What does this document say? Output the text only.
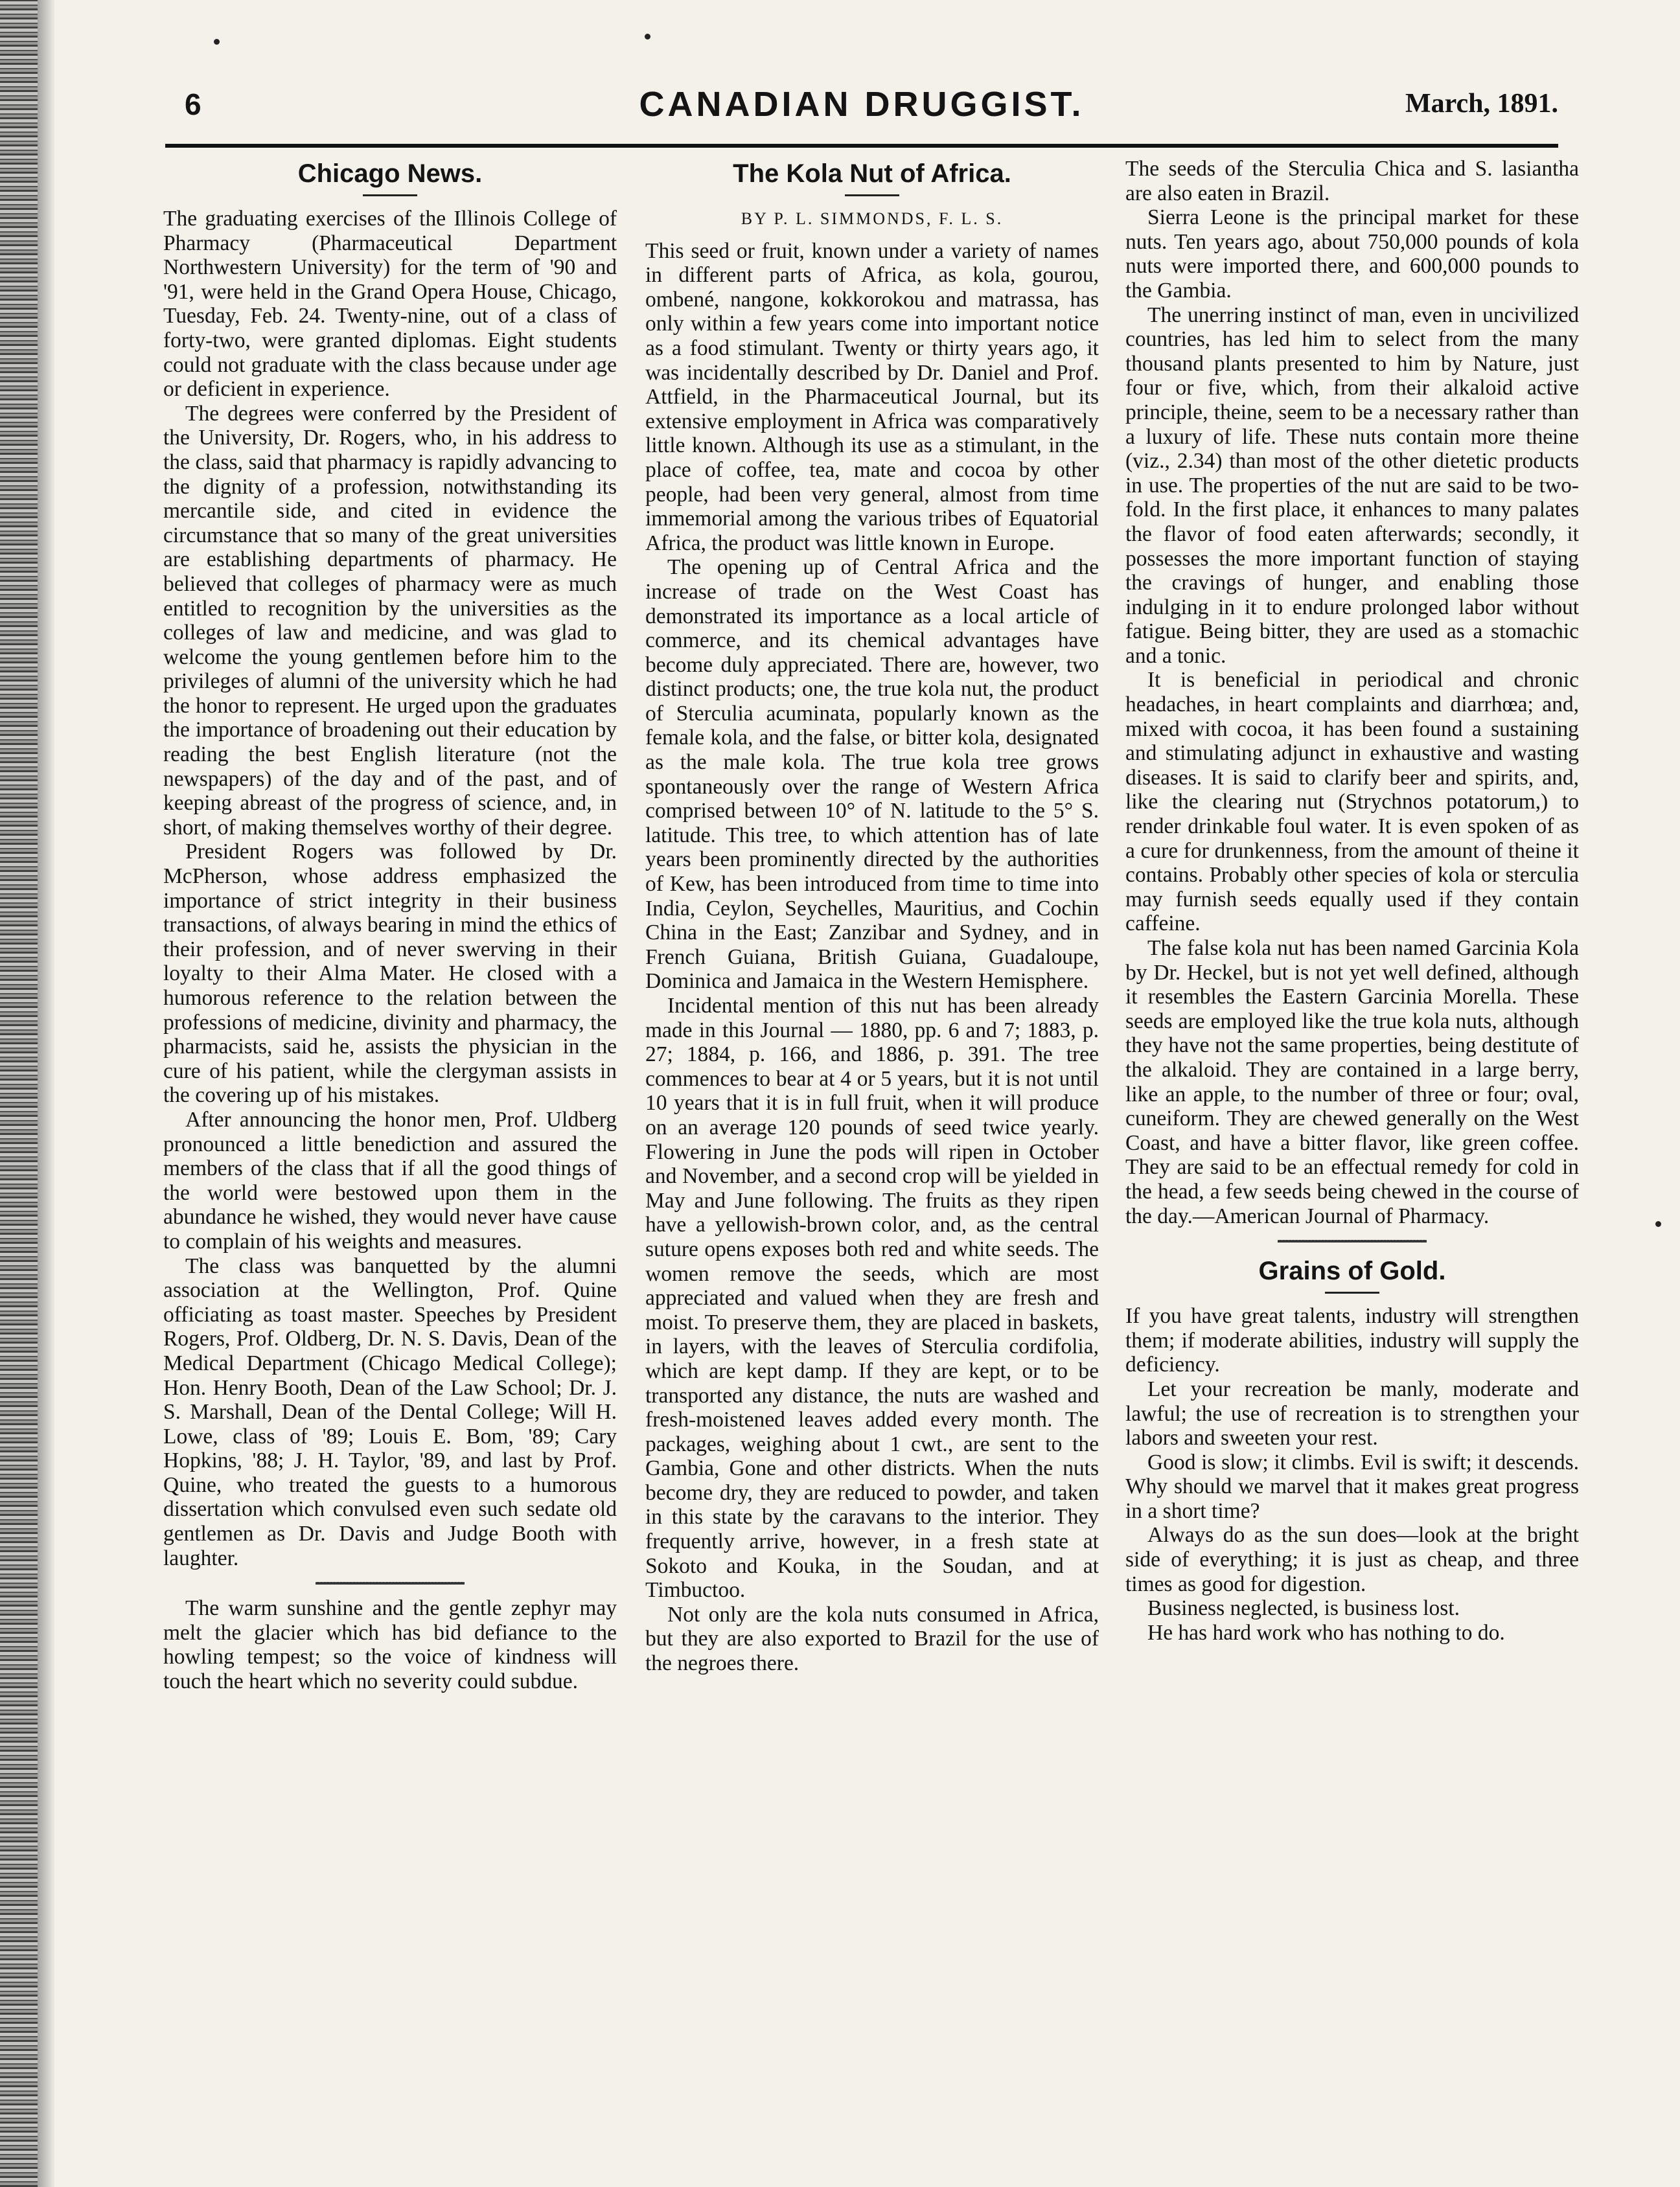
6	CANADIAN DRUGGIST.	March, 1891.
Chicago News.

The graduating exercises of the Illinois College of Pharmacy (Pharmaceutical Department Northwestern University) for the term of '90 and '91, were held in the Grand Opera House, Chicago, Tuesday, Feb. 24. Twenty-nine, out of a class of forty-two, were granted diplomas. Eight students could not graduate with the class because under age or deficient in experience.

The degrees were conferred by the President of the University, Dr. Rogers, who, in his address to the class, said that pharmacy is rapidly advancing to the dignity of a profession, notwithstanding its mercantile side, and cited in evidence the circumstance that so many of the great universities are establishing departments of pharmacy. He believed that colleges of pharmacy were as much entitled to recognition by the universities as the colleges of law and medicine, and was glad to welcome the young gentlemen before him to the privileges of alumni of the university which he had the honor to represent. He urged upon the graduates the importance of broadening out their education by reading the best English literature (not the newspapers) of the day and of the past, and of keeping abreast of the progress of science, and, in short, of making themselves worthy of their degree.

President Rogers was followed by Dr. McPherson, whose address emphasized the importance of strict integrity in their business transactions, of always bearing in mind the ethics of their profession, and of never swerving in their loyalty to their Alma Mater. He closed with a humorous reference to the relation between the professions of medicine, divinity and pharmacy, the pharmacists, said he, assists the physician in the cure of his patient, while the clergyman assists in the covering up of his mistakes.

After announcing the honor men, Prof. Uldberg pronounced a little benediction and assured the members of the class that if all the good things of the world were bestowed upon them in the abundance he wished, they would never have cause to complain of his weights and measures.

The class was banquetted by the alumni association at the Wellington, Prof. Quine officiating as toast master. Speeches by President Rogers, Prof. Oldberg, Dr. N. S. Davis, Dean of the Medical Department (Chicago Medical College); Hon. Henry Booth, Dean of the Law School; Dr. J. S. Marshall, Dean of the Dental College; Will H. Lowe, class of '89; Louis E. Bom, '89; Cary Hopkins, '88; J. H. Taylor, '89, and last by Prof. Quine, who treated the guests to a humorous dissertation which convulsed even such sedate old gentlemen as Dr. Davis and Judge Booth with laughter.

The warm sunshine and the gentle zephyr may melt the glacier which has bid defiance to the howling tempest; so the voice of kindness will touch the heart which no severity could subdue.

The Kola Nut of Africa.
BY P. L. SIMMONDS, F. L. S.

This seed or fruit, known under a variety of names in different parts of Africa, as kola, gourou, ombené, nangone, kokkorokou and matrassa, has only within a few years come into important notice as a food stimulant. Twenty or thirty years ago, it was incidentally described by Dr. Daniel and Prof. Attfield, in the Pharmaceutical Journal, but its extensive employment in Africa was comparatively little known. Although its use as a stimulant, in the place of coffee, tea, mate and cocoa by other people, had been very general, almost from time immemorial among the various tribes of Equatorial Africa, the product was little known in Europe.

The opening up of Central Africa and the increase of trade on the West Coast has demonstrated its importance as a local article of commerce, and its chemical advantages have become duly appreciated. There are, however, two distinct products; one, the true kola nut, the product of Sterculia acuminata, popularly known as the female kola, and the false, or bitter kola, designated as the male kola. The true kola tree grows spontaneously over the range of Western Africa comprised between 10° of N. latitude to the 5° S. latitude. This tree, to which attention has of late years been prominently directed by the authorities of Kew, has been introduced from time to time into India, Ceylon, Seychelles, Mauritius, and Cochin China in the East; Zanzibar and Sydney, and in French Guiana, British Guiana, Guadaloupe, Dominica and Jamaica in the Western Hemisphere.

Incidental mention of this nut has been already made in this Journal — 1880, pp. 6 and 7; 1883, p. 27; 1884, p. 166, and 1886, p. 391. The tree commences to bear at 4 or 5 years, but it is not until 10 years that it is in full fruit, when it will produce on an average 120 pounds of seed twice yearly. Flowering in June the pods will ripen in October and November, and a second crop will be yielded in May and June following. The fruits as they ripen have a yellowish-brown color, and, as the central suture opens exposes both red and white seeds. The women remove the seeds, which are most appreciated and valued when they are fresh and moist. To preserve them, they are placed in baskets, in layers, with the leaves of Sterculia cordifolia, which are kept damp. If they are kept, or to be transported any distance, the nuts are washed and fresh-moistened leaves added every month. The packages, weighing about 1 cwt., are sent to the Gambia, Gone and other districts. When the nuts become dry, they are reduced to powder, and taken in this state by the caravans to the interior. They frequently arrive, however, in a fresh state at Sokoto and Kouka, in the Soudan, and at Timbuctoo.

Not only are the kola nuts consumed in Africa, but they are also exported to Brazil for the use of the negroes there.

The seeds of the Sterculia Chica and S. lasiantha are also eaten in Brazil.

Sierra Leone is the principal market for these nuts. Ten years ago, about 750,000 pounds of kola nuts were imported there, and 600,000 pounds to the Gambia.

The unerring instinct of man, even in uncivilized countries, has led him to select from the many thousand plants presented to him by Nature, just four or five, which, from their alkaloid active principle, theine, seem to be a necessary rather than a luxury of life. These nuts contain more theine (viz., 2.34) than most of the other dietetic products in use. The properties of the nut are said to be two-fold. In the first place, it enhances to many palates the flavor of food eaten afterwards; secondly, it possesses the more important function of staying the cravings of hunger, and enabling those indulging in it to endure prolonged labor without fatigue. Being bitter, they are used as a stomachic and a tonic.

It is beneficial in periodical and chronic headaches, in heart complaints and diarrhœa; and, mixed with cocoa, it has been found a sustaining and stimulating adjunct in exhaustive and wasting diseases. It is said to clarify beer and spirits, and, like the clearing nut (Strychnos potatorum,) to render drinkable foul water. It is even spoken of as a cure for drunkenness, from the amount of theine it contains. Probably other species of kola or sterculia may furnish seeds equally used if they contain caffeine.

The false kola nut has been named Garcinia Kola by Dr. Heckel, but is not yet well defined, although it resembles the Eastern Garcinia Morella. These seeds are employed like the true kola nuts, although they have not the same properties, being destitute of the alkaloid. They are contained in a large berry, like an apple, to the number of three or four; oval, cuneiform. They are chewed generally on the West Coast, and have a bitter flavor, like green coffee. They are said to be an effectual remedy for cold in the head, a few seeds being chewed in the course of the day.—American Journal of Pharmacy.

Grains of Gold.

If you have great talents, industry will strengthen them; if moderate abilities, industry will supply the deficiency.

Let your recreation be manly, moderate and lawful; the use of recreation is to strengthen your labors and sweeten your rest.

Good is slow; it climbs. Evil is swift; it descends. Why should we marvel that it makes great progress in a short time?

Always do as the sun does—look at the bright side of everything; it is just as cheap, and three times as good for digestion.

Business neglected, is business lost.

He has hard work who has nothing to do.
